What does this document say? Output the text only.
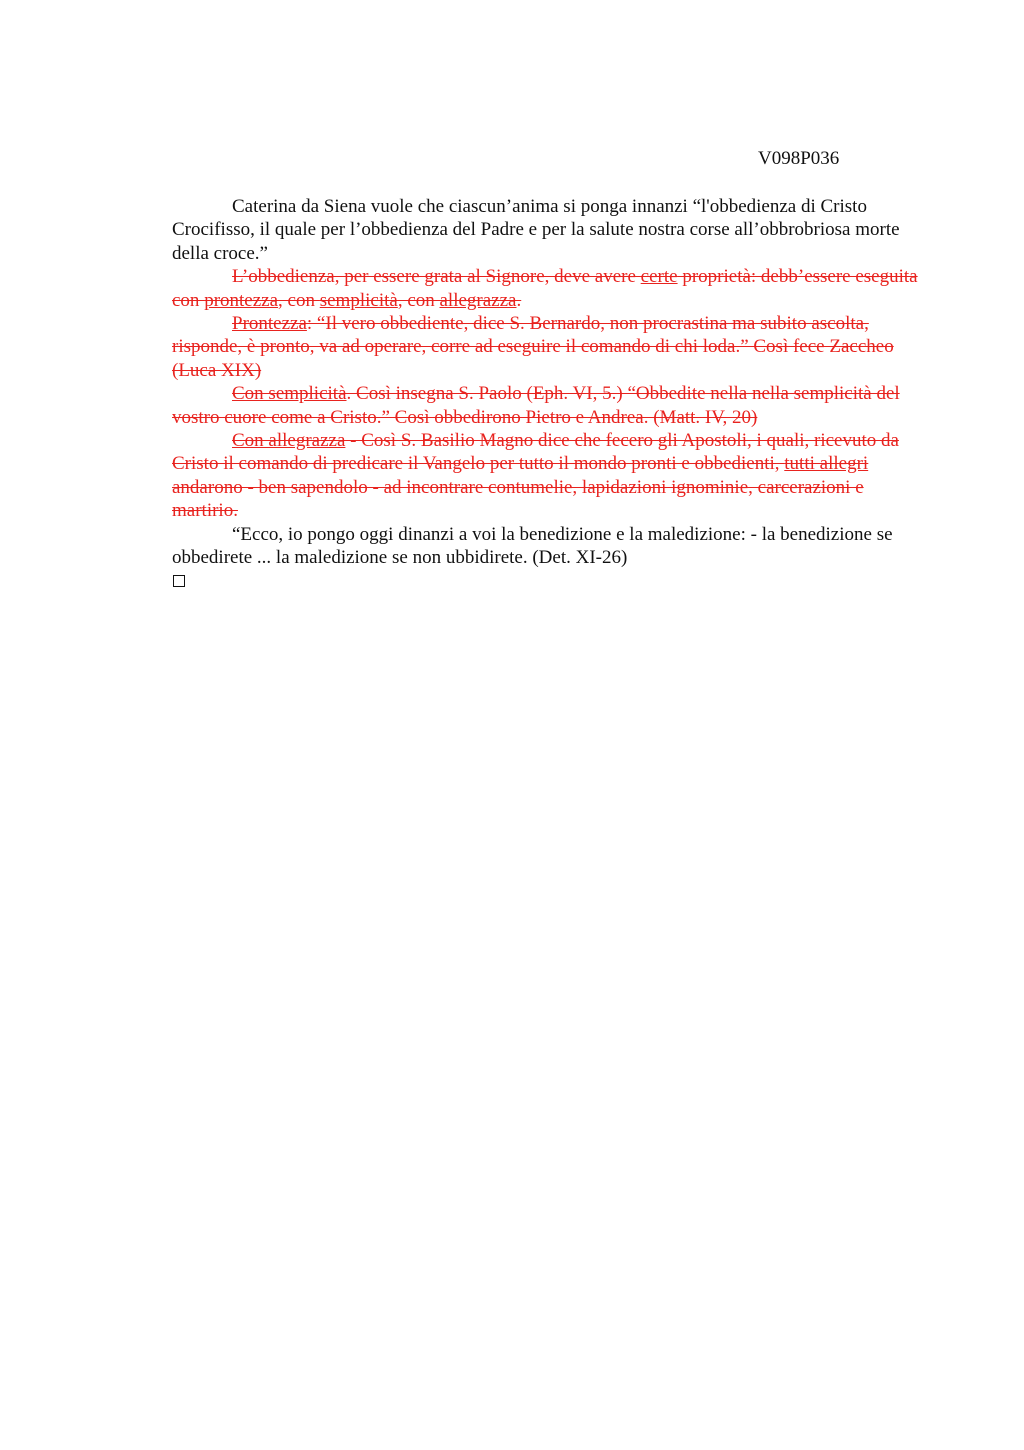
V098P036

Caterina da Siena vuole che ciascun’anima si ponga innanzi “l'obbedienza di Cristo Crocifisso, il quale per l’obbedienza del Padre e per la salute nostra corse all’obbrobriosa morte della croce.”

L’obbedienza, per essere grata al Signore, deve avere certe proprietà: debb’essere eseguita con prontezza, con semplicità, con allegrazza.

Prontezza: “Il vero obbediente, dice S. Bernardo, non procrastina ma subito ascolta, risponde, è pronto, va ad operare, corre ad eseguire il comando di chi loda.” Così fece Zaccheo (Luca XIX)

Con semplicità. Così insegna S. Paolo (Eph. VI, 5.) “Obbedite nella nella semplicità del vostro cuore come a Cristo.” Così obbedirono Pietro e Andrea. (Matt. IV, 20)

Con allegrazza - Così S. Basilio Magno dice che fecero gli Apostoli, i quali, ricevuto da Cristo il comando di predicare il Vangelo per tutto il mondo pronti e obbedienti, tutti allegri andarono - ben sapendolo - ad incontrare contumelie, lapidazioni ignominie, carcerazioni e martirio.

“Ecco, io pongo oggi dinanzi a voi la benedizione e la maledizione: - la benedizione se obbedirete ... la maledizione se non ubbidirete. (Det. XI-26)
